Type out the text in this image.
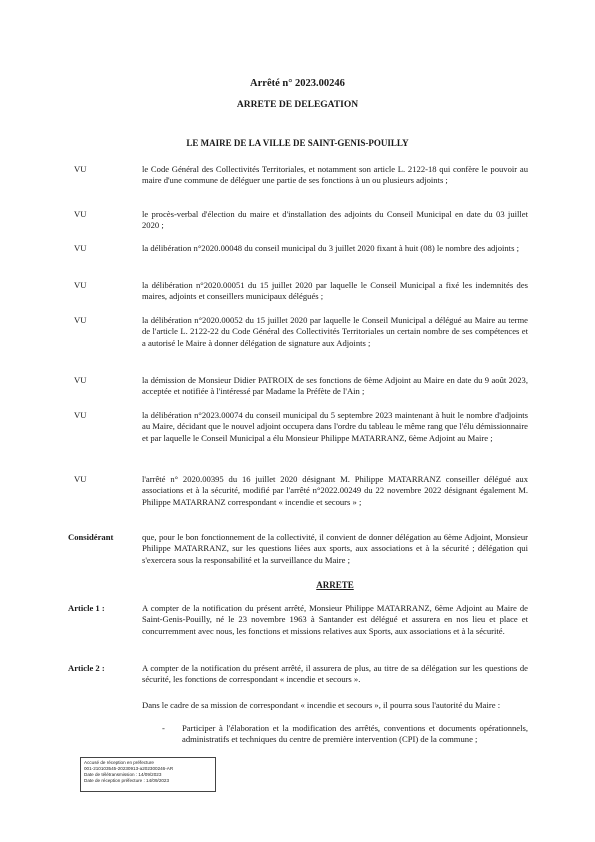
Arrêté n° 2023.00246
ARRETE DE DELEGATION
LE MAIRE DE LA VILLE DE SAINT-GENIS-POUILLY
VU	le Code Général des Collectivités Territoriales, et notamment son article L. 2122-18 qui confère le pouvoir au maire d'une commune de déléguer une partie de ses fonctions à un ou plusieurs adjoints ;
VU	le procès-verbal d'élection du maire et d'installation des adjoints du Conseil Municipal en date du 03 juillet 2020 ;
VU	la délibération n°2020.00048 du conseil municipal du 3 juillet 2020 fixant à huit (08) le nombre des adjoints ;
VU	la délibération n°2020.00051 du 15 juillet 2020 par laquelle le Conseil Municipal a fixé les indemnités des maires, adjoints et conseillers municipaux délégués ;
VU	la délibération n°2020.00052 du 15 juillet 2020 par laquelle le Conseil Municipal a délégué au Maire au terme de l'article L. 2122-22 du Code Général des Collectivités Territoriales un certain nombre de ses compétences et a autorisé le Maire à donner délégation de signature aux Adjoints ;
VU	la démission de Monsieur Didier PATROIX de ses fonctions de 6ème Adjoint au Maire en date du 9 août 2023, acceptée et notifiée à l'intéressé par Madame la Préfète de l'Ain ;
VU	la délibération n°2023.00074 du conseil municipal du 5 septembre 2023 maintenant à huit le nombre d'adjoints au Maire, décidant que le nouvel adjoint occupera dans l'ordre du tableau le même rang que l'élu démissionnaire et par laquelle le Conseil Municipal a élu Monsieur Philippe MATARRANZ, 6ème Adjoint au Maire ;
VU	l'arrêté n° 2020.00395 du 16 juillet 2020 désignant M. Philippe MATARRANZ conseiller délégué aux associations et à la sécurité, modifié par l'arrêté n°2022.00249 du 22 novembre 2022 désignant également M. Philippe MATARRANZ correspondant « incendie et secours » ;
Considérant	que, pour le bon fonctionnement de la collectivité, il convient de donner délégation au 6ème Adjoint, Monsieur Philippe MATARRANZ, sur les questions liées aux sports, aux associations et à la sécurité ; délégation qui s'exercera sous la responsabilité et la surveillance du Maire ;
ARRETE
Article 1 :	A compter de la notification du présent arrêté, Monsieur Philippe MATARRANZ, 6ème Adjoint au Maire de Saint-Genis-Pouilly, né le 23 novembre 1963 à Santander est délégué et assurera en nos lieu et place et concurremment avec nous, les fonctions et missions relatives aux Sports, aux associations et à la sécurité.
Article 2 :	A compter de la notification du présent arrêté, il assurera de plus, au titre de sa délégation sur les questions de sécurité, les fonctions de correspondant « incendie et secours ».
Dans le cadre de sa mission de correspondant « incendie et secours », il pourra sous l'autorité du Maire :
- Participer à l'élaboration et la modification des arrêtés, conventions et documents opérationnels, administratifs et techniques du centre de première intervention (CPI) de la commune ;
Accusé de réception en préfecture
001-210103545-20230913-a202300246-AR
Date de télétransmission : 14/09/2023
Date de réception préfecture : 14/09/2023
